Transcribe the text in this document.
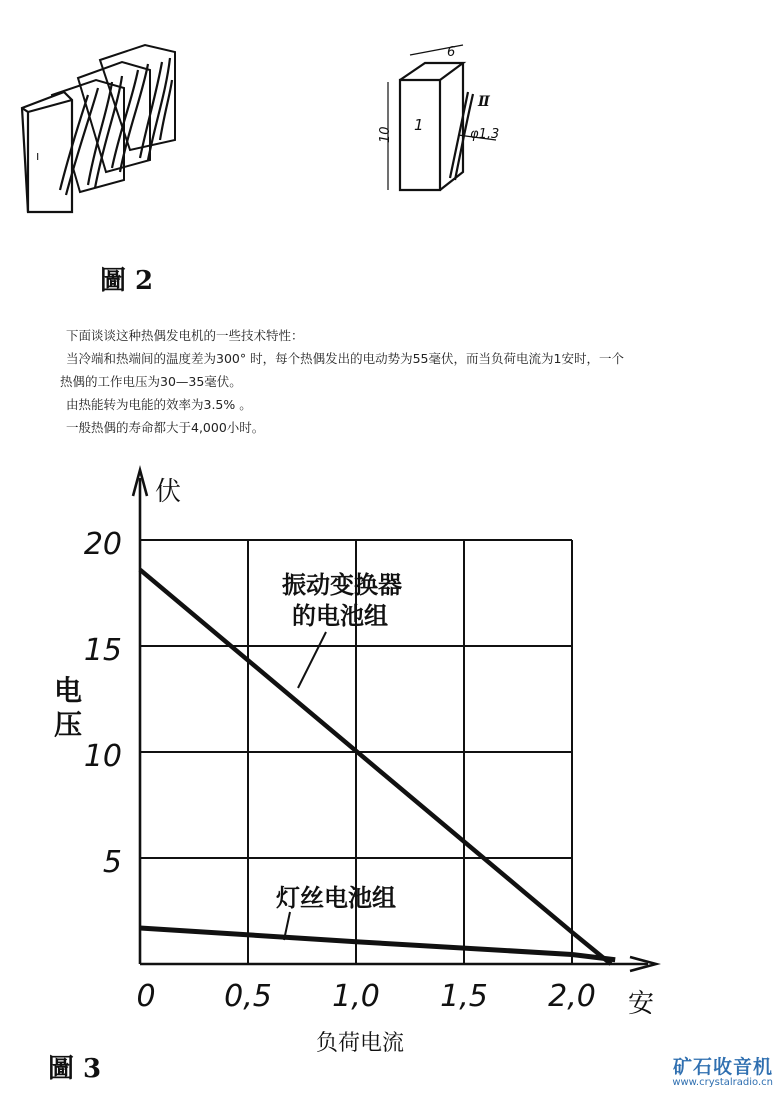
ı
6
10
1
Ⅱ
φ1,3
圖 2

下面谈谈这种热偶发电机的一些技术特性：

当冷端和热端间的温度差为300° 时，每个热偶发出的电动势为55毫伏，而当负荷电流为1安时，一个

热偶的工作电压为30—35毫伏。

由热能转为电能的效率为3.5% 。

一般热偶的寿命都大于4,000小时。

0 0,5 1,0 1,5 2,0
5
10
15
20
伏
安
电压
负荷电流
振动变换器
的电池组
灯丝电池组
圖 3	矿石收音机
www.crystalradio.cn
